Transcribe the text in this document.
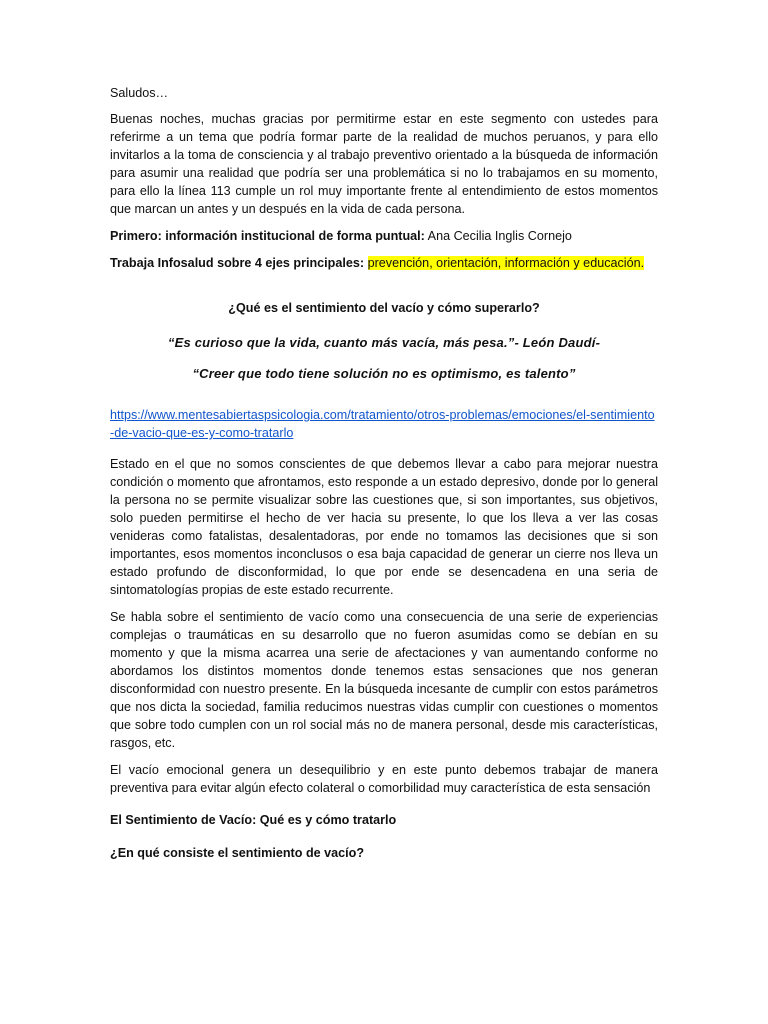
Saludos…

Buenas noches, muchas gracias por permitirme estar en este segmento con ustedes para referirme a un tema que podría formar parte de la realidad de muchos peruanos, y para ello invitarlos a la toma de consciencia y al trabajo preventivo orientado a la búsqueda de información para asumir una realidad que podría ser una problemática si no lo trabajamos en su momento, para ello la línea 113 cumple un rol muy importante frente al entendimiento de estos momentos que marcan un antes y un después en la vida de cada persona.

Primero: información institucional de forma puntual: Ana Cecilia Inglis Cornejo

Trabaja Infosalud sobre 4 ejes principales: prevención, orientación, información y educación.

¿Qué es el sentimiento del vacío y cómo superarlo?

“Es curioso que la vida, cuanto más vacía, más pesa.”- León Daudí-

“Creer que todo tiene solución no es optimismo, es talento”

https://www.mentesabiertaspsicologia.com/tratamiento/otros-problemas/emociones/el-sentimiento-de-vacio-que-es-y-como-tratarlo

Estado en el que no somos conscientes de que debemos llevar a cabo para mejorar nuestra condición o momento que afrontamos, esto responde a un estado depresivo, donde por lo general la persona no se permite visualizar sobre las cuestiones que, si son importantes, sus objetivos, solo pueden permitirse el hecho de ver hacia su presente, lo que los lleva a ver las cosas venideras como fatalistas, desalentadoras, por ende no tomamos las decisiones que si son importantes, esos momentos inconclusos o esa baja capacidad de generar un cierre nos lleva un estado profundo de disconformidad, lo que por ende se desencadena en una seria de sintomatologías propias de este estado recurrente.

Se habla sobre el sentimiento de vacío como una consecuencia de una serie de experiencias complejas o traumáticas en su desarrollo que no fueron asumidas como se debían en su momento y que la misma acarrea una serie de afectaciones y van aumentando conforme no abordamos los distintos momentos donde tenemos estas sensaciones que nos generan disconformidad con nuestro presente. En la búsqueda incesante de cumplir con estos parámetros que nos dicta la sociedad, familia reducimos nuestras vidas cumplir con cuestiones o momentos que sobre todo cumplen con un rol social más no de manera personal, desde mis características, rasgos, etc.

El vacío emocional genera un desequilibrio y en este punto debemos trabajar de manera preventiva para evitar algún efecto colateral o comorbilidad muy característica de esta sensación

El Sentimiento de Vacío: Qué es y cómo tratarlo

¿En qué consiste el sentimiento de vacío?
